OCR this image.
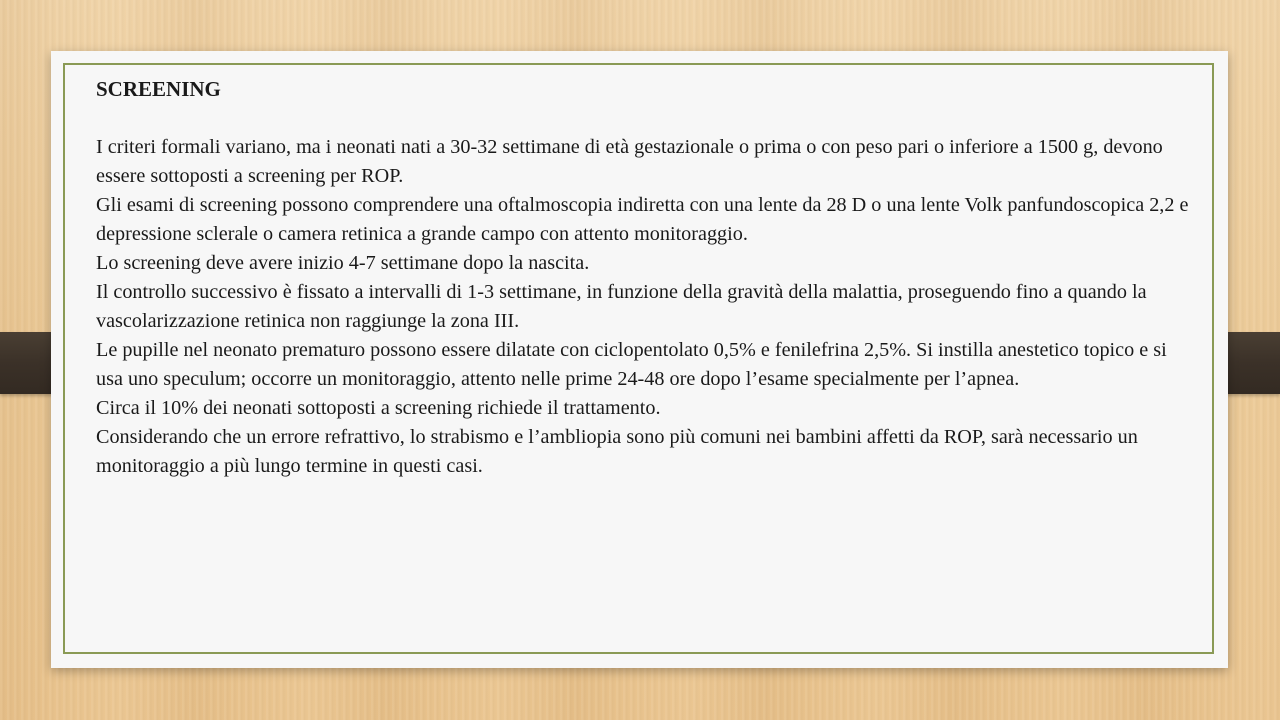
SCREENING

I criteri formali variano, ma i neonati nati a 30-32 settimane di età gestazionale o prima o con peso pari o inferiore a 1500 g, devono essere sottoposti a screening per ROP.

Gli esami di screening possono comprendere una oftalmoscopia indiretta con una lente da 28 D o una lente Volk panfundoscopica 2,2 e depressione sclerale o camera retinica a grande campo con attento monitoraggio.

Lo screening deve avere inizio 4-7 settimane dopo la nascita.

Il controllo successivo è fissato a intervalli di 1-3 settimane, in funzione della gravità della malattia, proseguendo fino a quando la vascolarizzazione retinica non raggiunge la zona III.

Le pupille nel neonato prematuro possono essere dilatate con ciclopentolato 0,5% e fenilefrina 2,5%. Si instilla anestetico topico e si usa uno speculum; occorre un monitoraggio, attento nelle prime 24-48 ore dopo l’esame specialmente per l’apnea.

Circa il 10% dei neonati sottoposti a screening richiede il trattamento.

Considerando che un errore refrattivo, lo strabismo e l’ambliopia sono più comuni nei bambini affetti da ROP, sarà necessario un monitoraggio a più lungo termine in questi casi.
